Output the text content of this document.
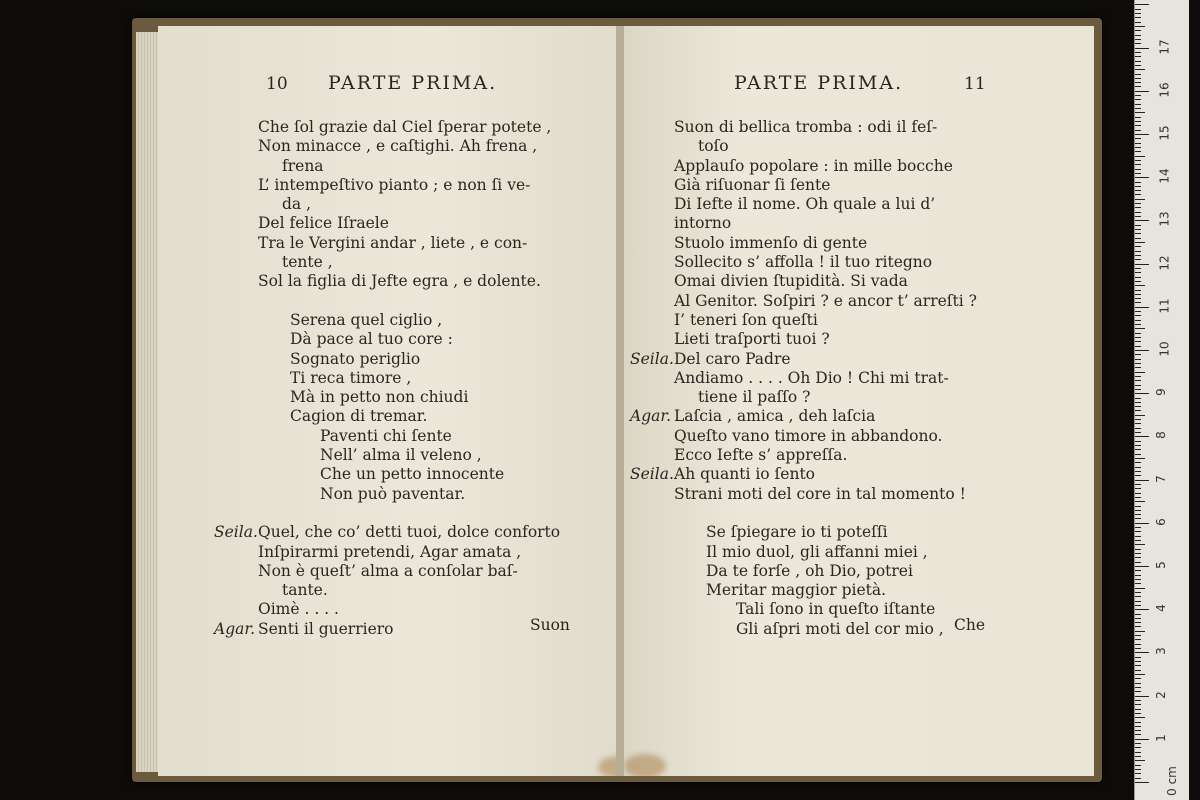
10 PARTE PRIMA.
Che ſol grazie dal Ciel ſperar potete ,
Non minacce , e caſtighi. Ah frena ,
frena
L’ intempeſtivo pianto ; e non ſi ve-
da ,
Del felice Iſraele
Tra le Vergini andar , liete , e con-
tente ,
Sol la figlia di Jefte egra , e dolente.
Serena quel ciglio ,
Dà pace al tuo core :
Sognato periglio
Ti reca timore ,
Mà in petto non chiudi
Cagion di tremar.
Paventi chi ſente
Nell’ alma il veleno ,
Che un petto innocente
Non può paventar.
Seila.Quel, che co’ detti tuoi, dolce conforto
Inſpirarmi pretendi, Agar amata ,
Non è queſt’ alma a conſolar baſ-
tante.
Oimè . . . .
Agar. Senti il guerriero	Suon
PARTE PRIMA.	11
Suon di bellica tromba : odi il feſ-
toſo
Applauſo popolare : in mille bocche
Già riſuonar ſi ſente
Di Iefte il nome. Oh quale a lui d’
intorno
Stuolo immenſo di gente
Sollecito s’ affolla ! il tuo ritegno
Omai divien ſtupidità. Si vada
Al Genitor. Soſpiri ? e ancor t’ arreſti ?
I’ teneri ſon queſti
Lieti traſporti tuoi ?
Seila.Del caro Padre
Andiamo . . . . Oh Dio ! Chi mi trat-
tiene il paſſo ?
Agar. Laſcia , amica , deh laſcia
Queſto vano timore in abbandono.
Ecco Iefte s’ appreſſa.
Seila.Ah quanti io ſento
Strani moti del core in tal momento !
Se ſpiegare io ti poteſſi
Il mio duol, gli affanni miei ,
Da te forſe , oh Dio, potrei
Meritar maggior pietà.
Tali ſono in queſto iſtante
Gli aſpri moti del cor mio , Che
0 cm
1
2
3
4
5
6
7
8
9
10
11
12
13
14
15
16
17
